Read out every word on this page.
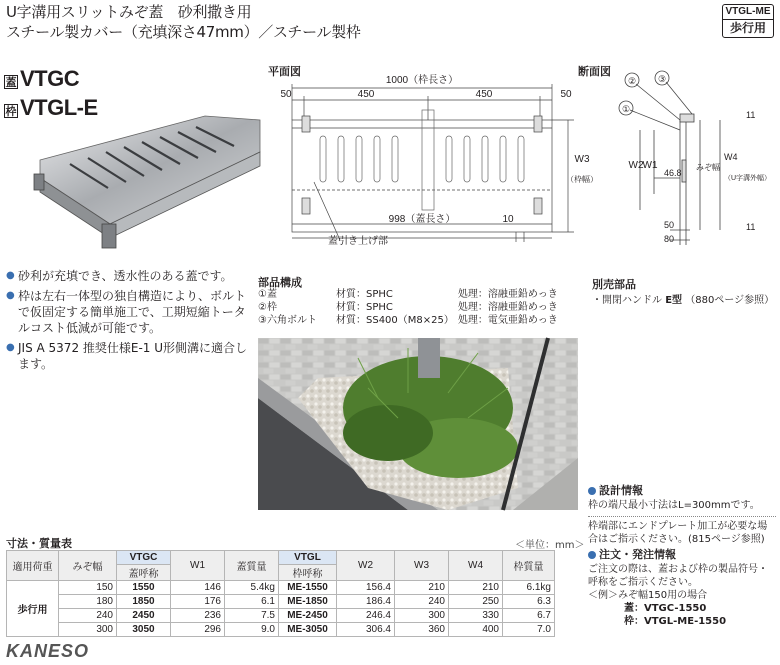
U字溝用スリットみぞ蓋　砂利撒き用
スチール製カバー（充填深さ47mm）／スチール製枠
VTGL-ME
歩行用
蓋 VTGC
枠 VTGL-E
● 砂利が充填でき、透水性のある蓋です。
● 枠は左右一体型の独自構造により、ボルトで仮固定する簡単施工で、工期短縮トータルコスト低減が可能です。
● JIS A 5372 推奨仕様E-1 U形側溝に適合します。
平面図
1000（枠長さ）
50	450	450	50
998（蓋長さ）	10
W3
（枠幅）
蓋引き上げ部
断面図
② ③
①
11
11
W2 W1
46.8
みぞ幅
W4
（U字溝外幅）
50
80
部品構成
①蓋	材質：SPHC	処理：溶融亜鉛めっき
②枠	材質：SPHC	処理：溶融亜鉛めっき
③六角ボルト	材質：SS400（M8×25）	処理：電気亜鉛めっき
別売部品
・開閉ハンドル E型 （880ページ参照）
設計情報
枠の端尺最小寸法はL=300mmです。
枠端部にエンドプレート加工が必要な場合はご指示ください。(815ページ参照)
注文・発注情報
ご注文の際は、蓋および枠の製品符号・呼称をご指示ください。
＜例＞みぞ幅150用の場合
蓋：VTGC-1550
枠：VTGL-ME-1550
寸法・質量表	＜単位：mm＞
適用荷重	みぞ幅	VTGC	W1	蓋質量	VTGL	W2	W3	W4	枠質量
		蓋呼称			枠呼称				
歩行用	150	1550	146	5.4kg	ME-1550	156.4	210	210	6.1kg
	180	1850	176	6.1	ME-1850	186.4	240	250	6.3
	240	2450	236	7.5	ME-2450	246.4	300	330	6.7
	300	3050	296	9.0	ME-3050	306.4	360	400	7.0
KANESO
